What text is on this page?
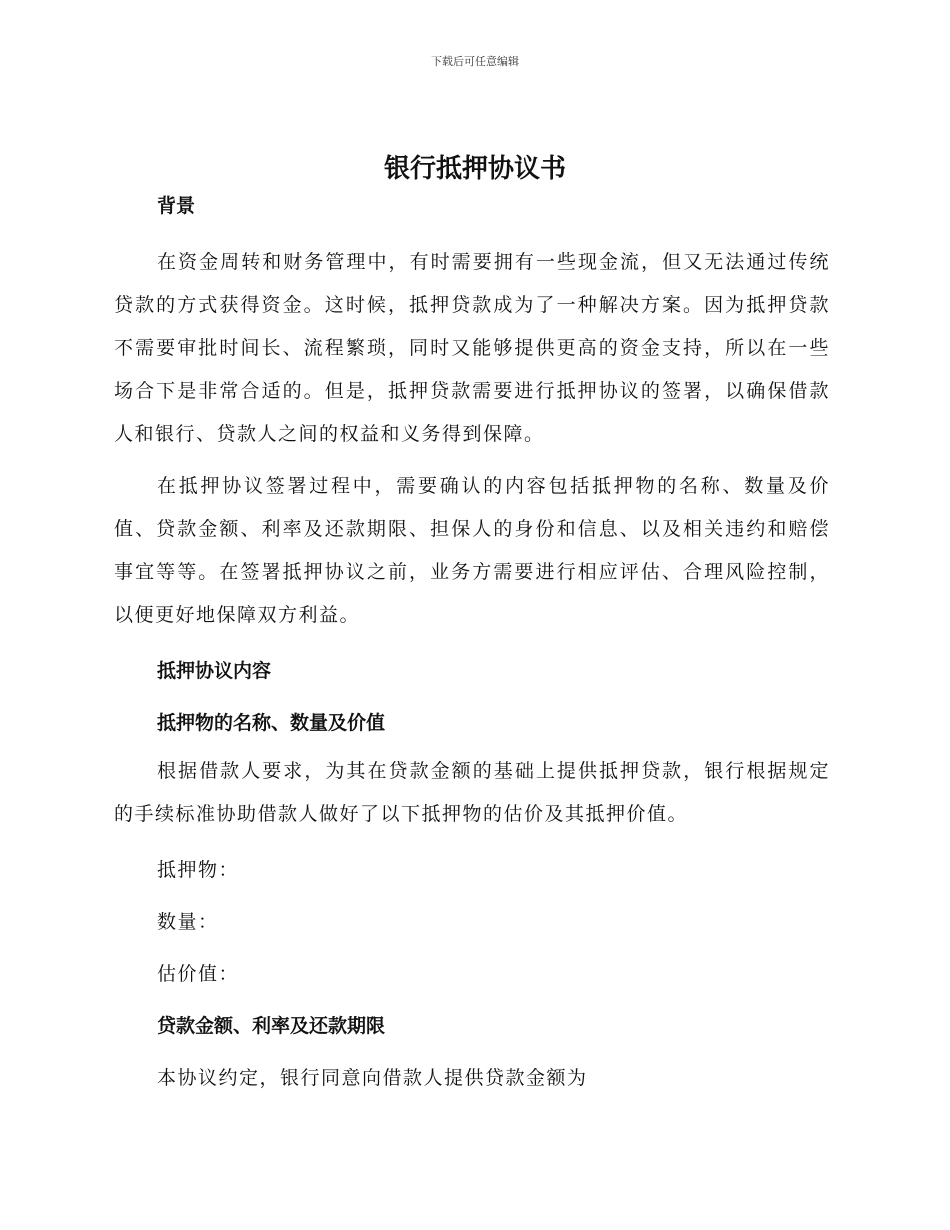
下载后可任意编辑
银行抵押协议书

背景

在资金周转和财务管理中，有时需要拥有一些现金流，但又无法通过传统贷款的方式获得资金。这时候，抵押贷款成为了一种解决方案。因为抵押贷款不需要审批时间长、流程繁琐，同时又能够提供更高的资金支持，所以在一些场合下是非常合适的。但是，抵押贷款需要进行抵押协议的签署，以确保借款人和银行、贷款人之间的权益和义务得到保障。

在抵押协议签署过程中，需要确认的内容包括抵押物的名称、数量及价值、贷款金额、利率及还款期限、担保人的身份和信息、以及相关违约和赔偿事宜等等。在签署抵押协议之前，业务方需要进行相应评估、合理风险控制，以便更好地保障双方利益。

抵押协议内容

抵押物的名称、数量及价值

根据借款人要求，为其在贷款金额的基础上提供抵押贷款，银行根据规定的手续标准协助借款人做好了以下抵押物的估价及其抵押价值。

抵押物：

数量：

估价值：

贷款金额、利率及还款期限

本协议约定，银行同意向借款人提供贷款金额为
